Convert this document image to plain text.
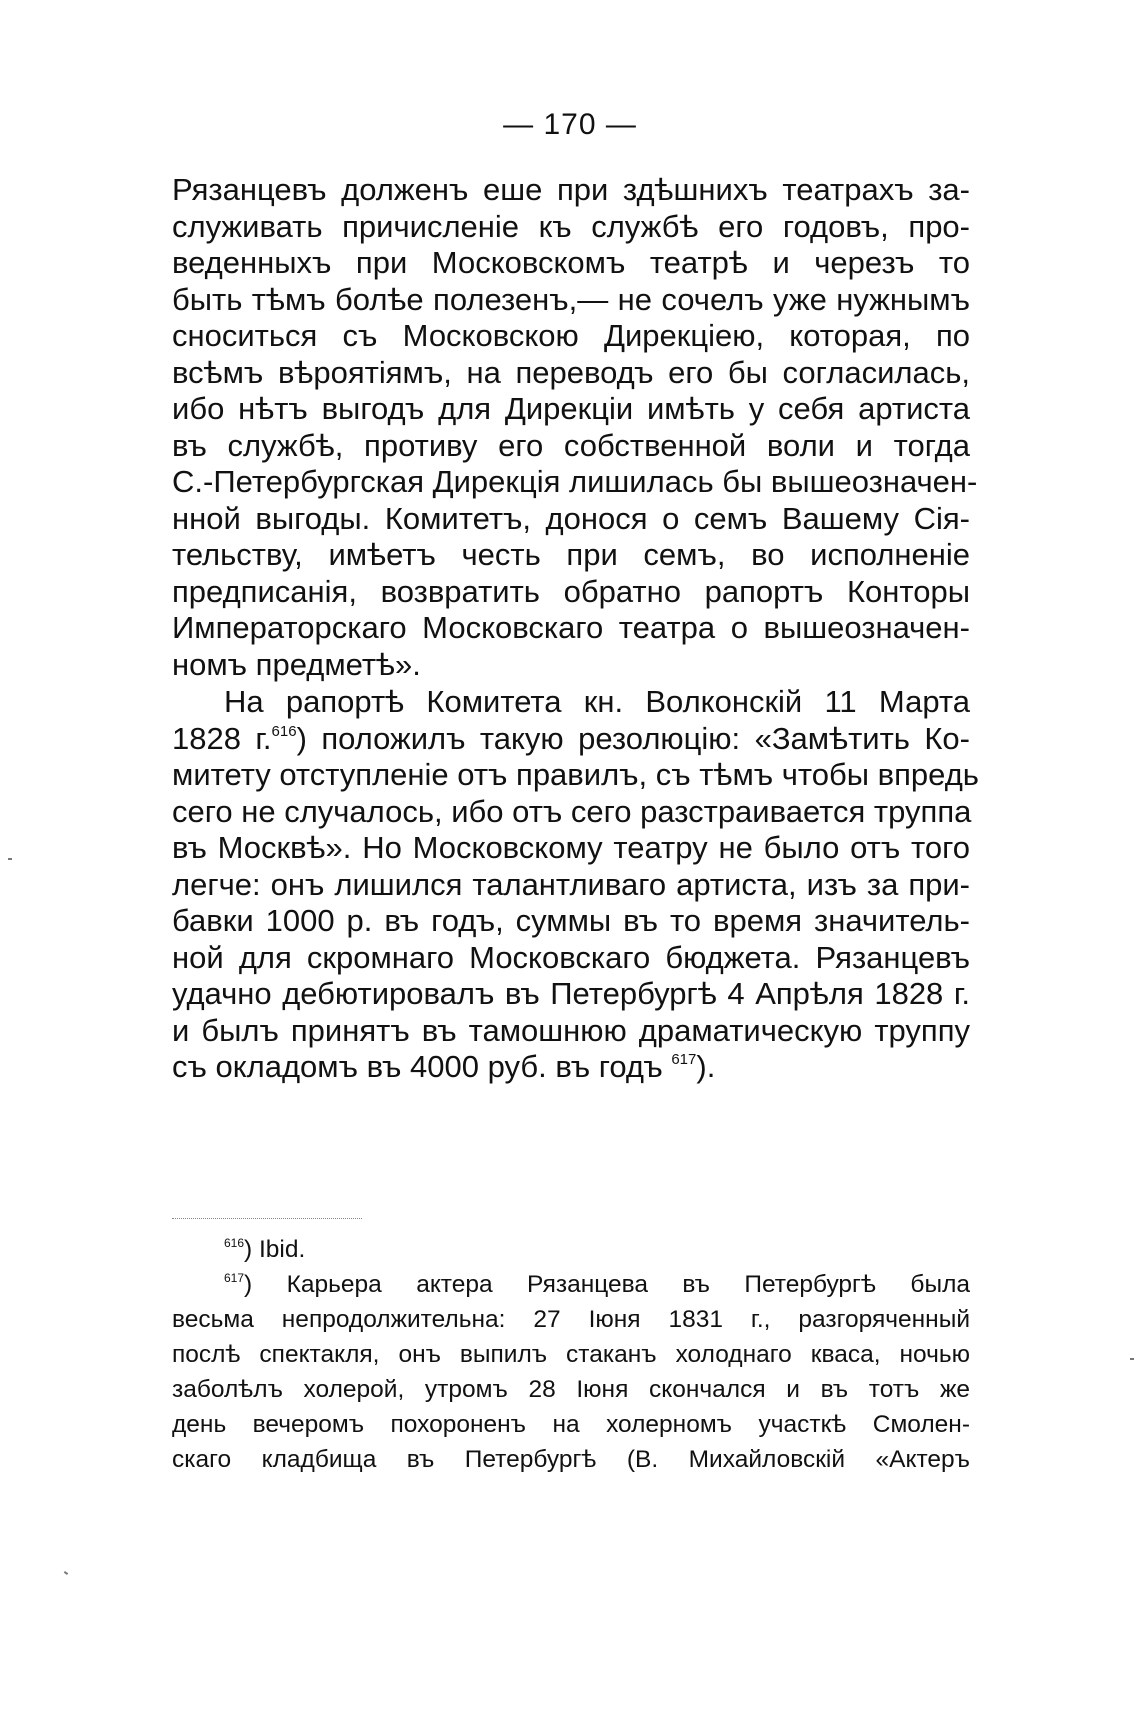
— 170 —
Рязанцевъ долженъ еше при здѣшнихъ театрахъ за-
служивать причисленіе къ службѣ его годовъ, про-
веденныхъ при Московскомъ театрѣ и черезъ то
быть тѣмъ болѣе полезенъ,— не сочелъ уже нужнымъ
сноситься съ Московскою Дирекціею, которая, по
всѣмъ вѣроятіямъ, на переводъ его бы согласилась,
ибо нѣтъ выгодъ для Дирекціи имѣть у себя артиста
въ службѣ, противу его собственной воли и тогда
С.-Петербургская Дирекція лишилась бы вышеозначен-
нной выгоды. Комитетъ, донося о семъ Вашему Сія-
тельству, имѣетъ честь при семъ, во исполненіе
предписанія, возвратить обратно рапортъ Конторы
Императорскаго Московскаго театра о вышеозначен-
номъ предметѣ».
На рапортѣ Комитета кн. Волконскій 11 Марта
1828 г.$^{616}$) положилъ такую резолюцію: «Замѣтить Ко-
митету отступленіе отъ правилъ, съ тѣмъ чтобы впредь
сего не случалось, ибо отъ сего разстраивается труппа
въ Москвѣ». Но Московскому театру не было отъ того
легче: онъ лишился талантливаго артиста, изъ за при-
бавки 1000 р. въ годъ, суммы въ то время значитель-
ной для скромнаго Московскаго бюджета. Рязанцевъ
удачно дебютировалъ въ Петербургѣ 4 Апрѣля 1828 г.
и былъ принятъ въ тамошнюю драматическую труппу
съ окладомъ въ 4000 руб. въ годъ $^{617}$).
$^{616}$) Ibid.
$^{617}$) Карьера актера Рязанцева въ Петербургѣ была
весьма непродолжительна: 27 Іюня 1831 г., разгоряченный
послѣ спектакля, онъ выпилъ стаканъ холоднаго кваса, ночью
заболѣлъ холерой, утромъ 28 Іюня скончался и въ тотъ же
день вечеромъ похороненъ на холерномъ участкѣ Смолен-
скаго кладбища въ Петербургѣ (В. Михайловскій «Актеръ
